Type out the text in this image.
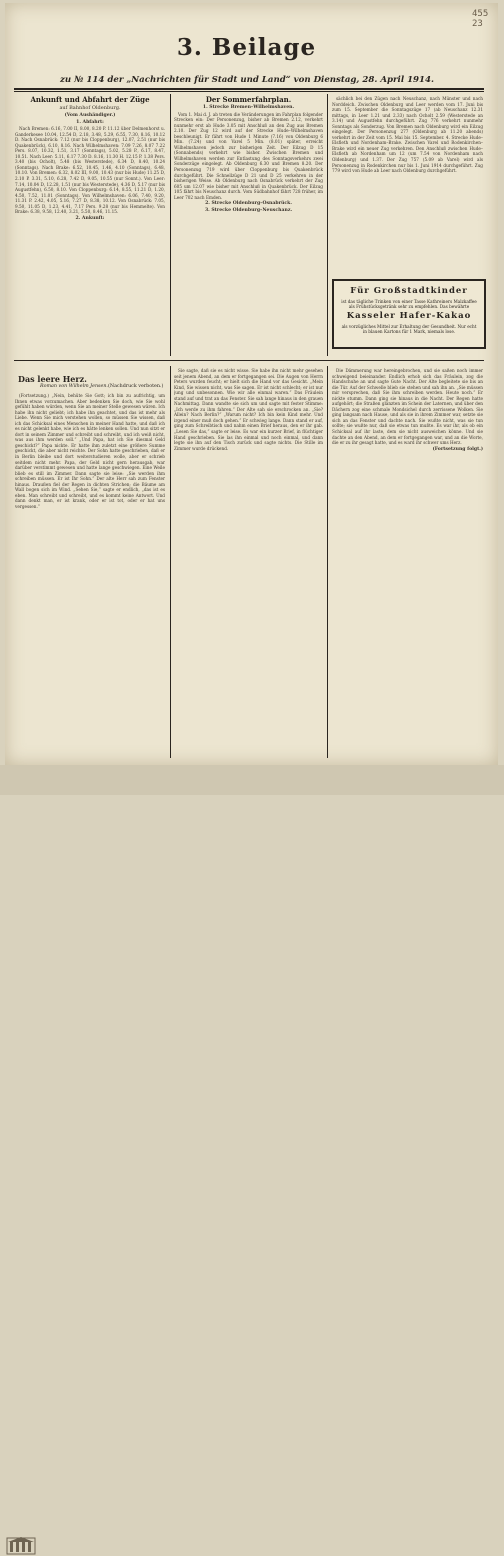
455 23
3. Beilage
zu № 114 der „Nachrichten für Stadt und Land“ von Dienstag, 28. April 1914.
Ankunft und Abfahrt der Züge
auf Bahnhof Oldenburg.
(Vom Aushändiger.)
1. Abfahrt:

Nach Bremen: 6.16, 7.00 II, 8.00, 8.20 P. 11.12 über Delmenhorst u. Ganderkesee 10.04, 12.54 D, 2.18, 3.48, 5.29, 6.55, 7.30, 8.16, 10.12 D. Nach Osnabrück: 7.12 (nur bis Cloppenburg), 12.07, 2.51 (nur bis Quakenbrück), 6.10, 8.16. Nach Wilhelmshaven: 7.09 7.26, 8.07 7.22 Pers. 8.07, 10.32, 1.51, 3.17 (Sonntags), 5.02, 5.28 P., 6.17, 8.47, 10.51. Nach Leer: 5.11, 6.17 7.30 D. 8.16, 11.30 H. 12.15 P. 1.38 Pers. 3.40 (bis Ocholt), 5.48 (bis Westerstede), 6.34 D, 8.40, 10.24 (Sonntags). Nach Brake: 6.52, 10.45, 1.46, 4.10 (Sonntags), 6.48, 10.10. Von Bremen: 6.32, 8.02 III, 9.00, 10.43 (nur bis Hude) 11.25 D, 2.10 P. 3.31, 5.10, 6.28, 7.42 D, 9.05, 10.55 (nur Sonnt.). Von Leer: 7.14, 10.04 D, 12.28, 1.51 (nur bis Westerstede), 4.36 D, 5.17 (nur bis Augustfehn), 6.50, 8.10. Von Cloppenburg: 6.14, 8.55, 11.21 D, 1.20, 4.50, 7.52, 11.01 (Sonntags). Von Wilhelmshaven: 6.06, 7.40, 9.20, 11.31 P. 2.42, 4.05, 5.16, 7.27 D, 8.38, 10.12. Von Osnabrück: 7.05, 9.50, 11.05 D, 1.23, 4.41, 7.17 Pers. 9.28 (nur bis Hemmelte). Von Brake: 6.38, 9.58, 12.40, 3.21, 5.50, 8.46, 11.15.

2. Ankunft:
Der Sommerfahrplan.
1. Strecke Bremen–Wilhelmshaven.

Vom 1. Mai d. J. ab treten die Veränderungen im Fahrplan folgender Strecken ein: Der Personenzug, bisher ab Bremen 2.12, verkehrt nunmehr erst ab Hude 3.05 mit Anschluß an den Zug aus Bremen 2.10. Der Zug 12 wird auf der Strecke Hude–Wilhelmshaven beschleunigt. Er fährt von Hude 1 Minute (7.16) von Oldenburg 6 Min. (7.24) und von Varel 5 Min. (8.01) später, erreicht Wilhelmshaven jedoch zur bisherigen Zeit. Der Eilzug D 15 (Sonnabends) verkehrt wie bisher. Zwischen Bremen und Wilhelmshaven werden zur Entlastung des Sonntagsverkehrs zwei Sonderzüge eingelegt. Ab Oldenburg 6.30 und Bremen 8.20. Der Personenzug 719 wird über Cloppenburg bis Quakenbrück durchgeführt. Die Schnellzüge D 21 und D 25 verkehren in der bisherigen Weise. Ab Oldenburg nach Osnabrück verkehrt der Zug 605 um 12.07 wie bisher mit Anschluß in Quakenbrück. Der Eilzug 105 fährt bis Neuschanz durch. Vom Südbahnhof fährt 728 früher, im Leer 702 nach Emden.

2. Strecke Oldenburg–Osnabrück.
3. Strecke Oldenburg–Neuschanz.

sächlich bei den Zügen nach Neuschanz, nach Münster und nach Norddeich. Zwischen Oldenburg und Leer werden vom 17. Juni bis zum 15. September die Sonntagszüge 17 (ab Neuschanz 12.31 mittags, in Leer 1.21 und 2.33) nach Ocholt 2.59 (Westerstede an 3.14) und Augustfehn durchgeführt. Zug 776 verkehrt nunmehr Sonntags als Sonderzug. Von Bremen nach Oldenburg wird ein Eilzug eingelegt. Der Personenzug 277 (Oldenburg ab 11.20 abends) verkehrt in der Zeit vom 15. Mai bis 15. September. 4. Strecke Hude–Elsfleth und Nordenham–Brake. Zwischen Varel und Rodenkirchen–Brake wird ein neuer Zug verkehren. Den Anschluß zwischen Hude–Elsfleth ab Nordenham um 12 (um 7.54 von Nordenham nach Oldenburg) und 1.37. Der Zug 757 (5.09 ab Varel) wird als Personenzug in Rodenkirchen nur bis 1. Juni 1914 durchgeführt. Zug 779 wird von Hude ab Leer nach Oldenburg durchgeführt.

Für Großstadtkinder
ist das tägliche Trinken von einer Tasse Kathreiners Malzkaffee als Frühstücksgetränk sehr zu empfehlen. Das bewährte
Kasseler Hafer-Kakao
als vorzügliches Mittel zur Erhaltung der Gesundheit. Nur echt in blauen Kartons für 1 Mark, niemals lose.
Das leere Herz.
Roman von Wilhelm Jensen. (Nachdruck verboten.)

(Fortsetzung.) „Nein, behüte Sie Gott; ich bin zu aufrichtig, um Ihnen etwas vorzumachen. Aber bedenken Sie doch, wie Sie wohl gefühlt haben würden, wenn Sie an meiner Stelle gewesen wären. Ich habe ihn nicht geliebt; ich habe ihn geachtet, und das ist mehr als Liebe. Wenn Sie mich verstehen wollen, so müssen Sie wissen, daß ich das Schicksal eines Menschen in meiner Hand hatte, und daß ich es nicht gelenkt habe, wie ich es hätte lenken sollen. Und nun sitzt er dort in seinem Zimmer und schreibt und schreibt, und ich weiß nicht, was aus ihm werden soll.“ „Und Papa, hat ich Sie diesmal Geld geschickt?“ Papa nickte. Er hatte ihm zuletzt eine größere Summe geschickt, die aber nicht reichte. Der Sohn hatte geschrieben, daß er in Berlin bleibe und dort weiterstudieren wolle, aber er schrieb seitdem nicht mehr. Papa, der Geld nicht gern herausgab, war darüber verstimmt gewesen und hatte lange geschwiegen. Eine Weile blieb es still im Zimmer. Dann sagte sie leise: „Sie werden ihm schreiben müssen. Er ist Ihr Sohn.“ Der alte Herr sah zum Fenster hinaus. Draußen fiel der Regen in dichten Strichen; die Bäume am Wall bogen sich im Wind. „Sehen Sie,“ sagte er endlich, „das ist es eben. Man schreibt und schreibt, und es kommt keine Antwort. Und dann denkt man, er ist krank, oder er ist tot, oder er hat uns vergessen.“

Sie sagte, daß sie es nicht wisse. Sie habe ihn nicht mehr gesehen seit jenem Abend, an dem er fortgegangen sei. Die Augen von Herrn Peters wurden feucht; er hielt sich die Hand vor das Gesicht. „Mein Kind, Sie wissen nicht, was Sie sagen. Er ist nicht schlecht; er ist nur jung und unbesonnen. Wie wir alle einmal waren.“ Das Fräulein stand auf und trat an das Fenster. Sie sah lange hinaus in den grauen Nachmittag. Dann wandte sie sich um und sagte mit fester Stimme: „Ich werde zu ihm fahren.“ Der Alte sah sie erschrocken an. „Sie? Allein? Nach Berlin?“ „Warum nicht? Ich bin kein Kind mehr. Und irgend einer muß doch gehen.“ Er schwieg lange. Dann stand er auf, ging zum Schreibtisch und nahm einen Brief heraus, den er ihr gab. „Lesen Sie das,“ sagte er leise. Es war ein kurzer Brief, in flüchtiger Hand geschrieben. Sie las ihn einmal und noch einmal, und dann legte sie ihn auf den Tisch zurück und sagte nichts. Die Stille im Zimmer wurde drückend.

Die Dämmerung war hereingebrochen, und sie saßen noch immer schweigend beieinander. Endlich erhob sich das Fräulein, zog die Handschuhe an und sagte Gute Nacht. Der Alte begleitete sie bis an die Tür. Auf der Schwelle blieb sie stehen und sah ihn an. „Sie müssen mir versprechen, daß Sie ihm schreiben werden. Heute noch.“ Er nickte stumm. Dann ging sie hinaus in die Nacht. Der Regen hatte aufgehört; die Straßen glänzten im Schein der Laternen, und über den Dächern zog eine schmale Mondsichel durch zerrissene Wolken. Sie ging langsam nach Hause, und als sie in ihrem Zimmer war, setzte sie sich an das Fenster und dachte nach. Sie wußte nicht, was sie tun sollte; sie wußte nur, daß sie etwas tun mußte. Es war ihr, als ob ein Schicksal auf ihr laste, dem sie nicht ausweichen könne. Und sie dachte an den Abend, an dem er fortgegangen war, und an die Worte, die er zu ihr gesagt hatte, und es ward ihr schwer ums Herz.

(Fortsetzung folgt.)
